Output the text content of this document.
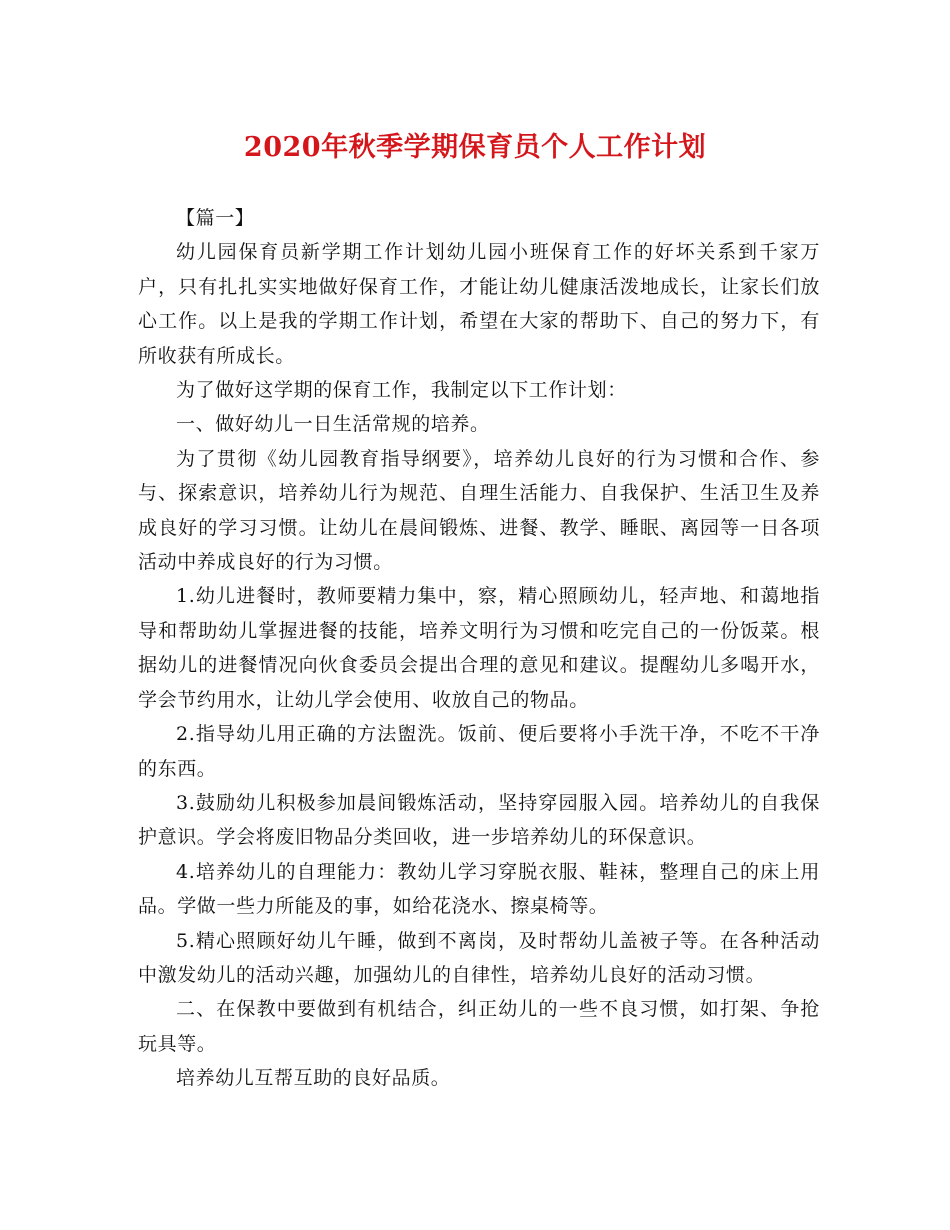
2020年秋季学期保育员个人工作计划

【篇一】

幼儿园保育员新学期工作计划幼儿园小班保育工作的好坏关系到千家万户，只有扎扎实实地做好保育工作，才能让幼儿健康活泼地成长，让家长们放心工作。以上是我的学期工作计划，希望在大家的帮助下、自己的努力下，有所收获有所成长。

为了做好这学期的保育工作，我制定以下工作计划：

一、做好幼儿一日生活常规的培养。

为了贯彻《幼儿园教育指导纲要》，培养幼儿良好的行为习惯和合作、参与、探索意识，培养幼儿行为规范、自理生活能力、自我保护、生活卫生及养成良好的学习习惯。让幼儿在晨间锻炼、进餐、教学、睡眠、离园等一日各项活动中养成良好的行为习惯。

1.幼儿进餐时，教师要精力集中，察，精心照顾幼儿，轻声地、和蔼地指导和帮助幼儿掌握进餐的技能，培养文明行为习惯和吃完自己的一份饭菜。根据幼儿的进餐情况向伙食委员会提出合理的意见和建议。提醒幼儿多喝开水，学会节约用水，让幼儿学会使用、收放自己的物品。

2.指导幼儿用正确的方法盥洗。饭前、便后要将小手洗干净，不吃不干净的东西。

3.鼓励幼儿积极参加晨间锻炼活动，坚持穿园服入园。培养幼儿的自我保护意识。学会将废旧物品分类回收，进一步培养幼儿的环保意识。

4.培养幼儿的自理能力：教幼儿学习穿脱衣服、鞋袜，整理自己的床上用品。学做一些力所能及的事，如给花浇水、擦桌椅等。

5.精心照顾好幼儿午睡，做到不离岗，及时帮幼儿盖被子等。在各种活动中激发幼儿的活动兴趣，加强幼儿的自律性，培养幼儿良好的活动习惯。

二、在保教中要做到有机结合，纠正幼儿的一些不良习惯，如打架、争抢玩具等。

培养幼儿互帮互助的良好品质。
